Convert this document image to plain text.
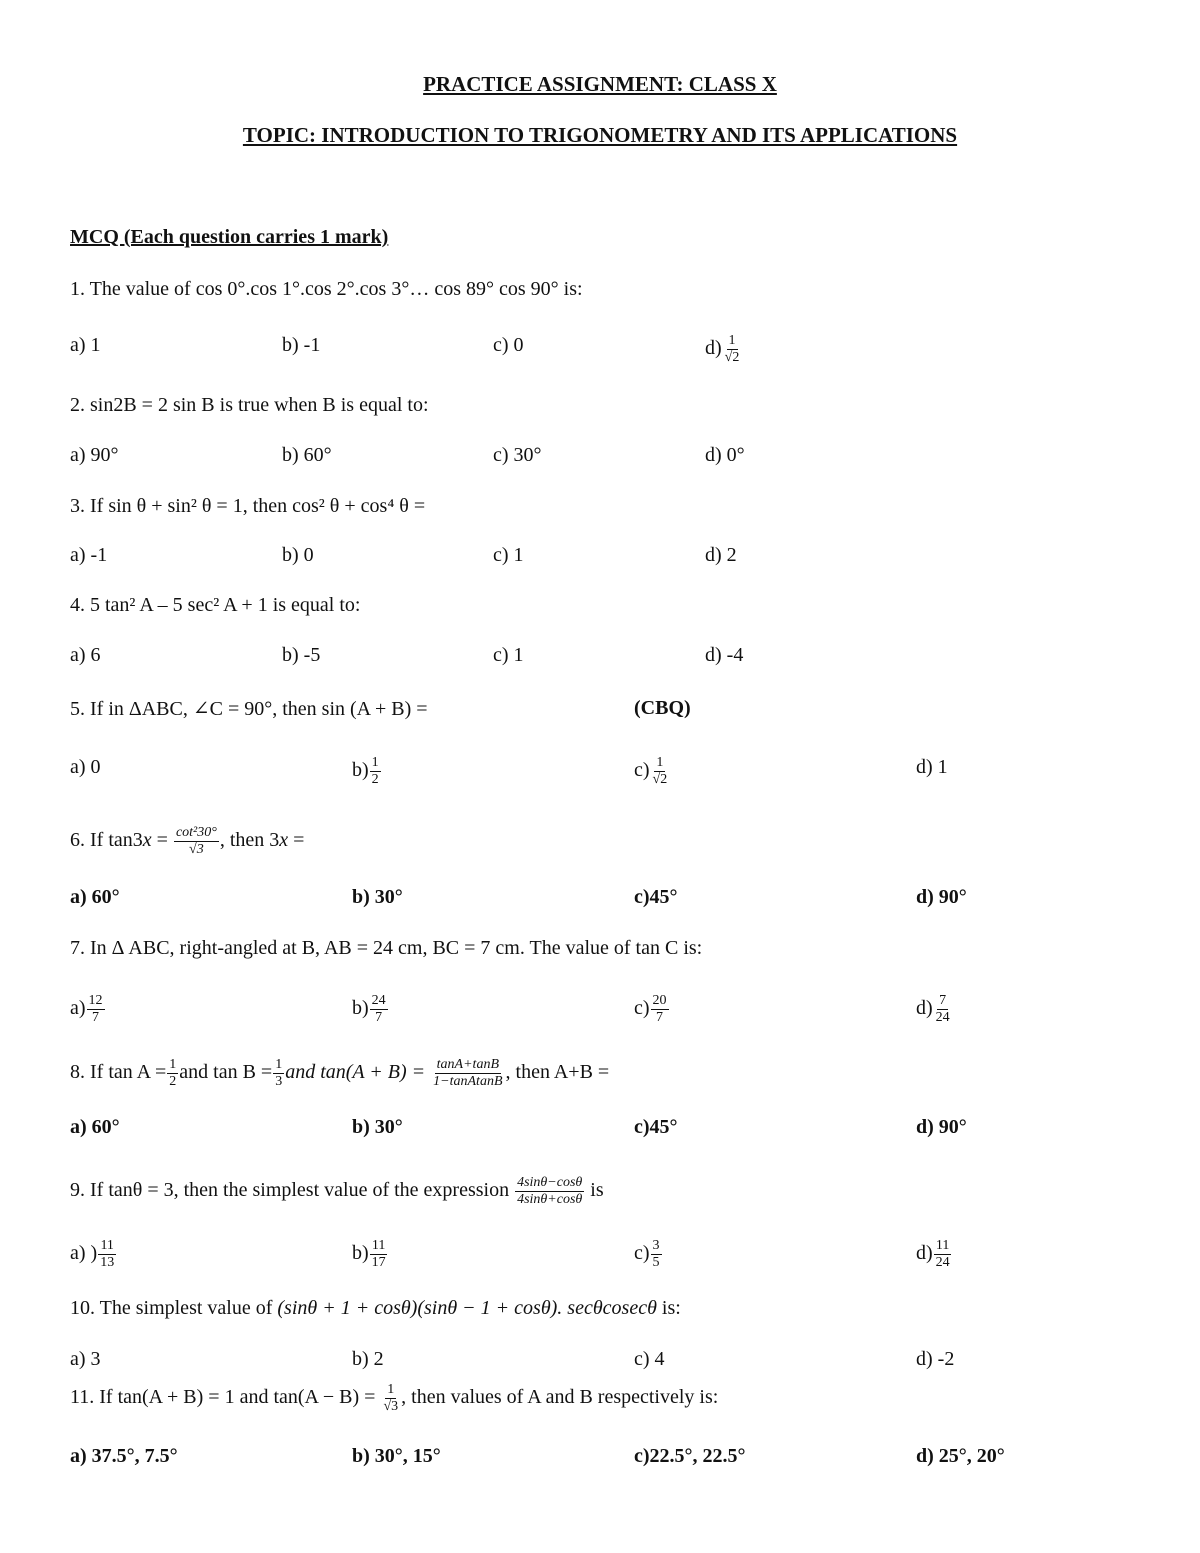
PRACTICE ASSIGNMENT: CLASS X
TOPIC: INTRODUCTION TO TRIGONOMETRY AND ITS APPLICATIONS
MCQ (Each question carries 1 mark)
1. The value of cos 0°.cos 1°.cos 2°.cos 3°… cos 89° cos 90° is:
a) 1	b) -1	c) 0	$d) \frac{1}{√2}$
2. sin2B = 2 sin B is true when B is equal to:
a) 90°	b) 60°	c) 30°	d) 0°
3. If sin θ + sin² θ = 1, then cos² θ + cos⁴ θ =
a) -1	b) 0	c) 1	d) 2
4. 5 tan² A – 5 sec² A + 1 is equal to:
a) 6	b) -5	c) 1	d) -4
5. If in ΔABC, ∠C = 90°, then sin (A + B) =	(CBQ)
a) 0	$b) \frac{1}{2}$	$c) \frac{1}{√2}$	d) 1
6. If $\tan 3x = \frac{\text{cot²30°}}{√3}$ , then 3x =
a) 60°	b) 30°	c)45°	d) 90°
7. In Δ ABC, right-angled at B, AB = 24 cm, BC = 7 cm. The value of tan C is:
$a) \frac{12}{7}$	$b) \frac{24}{7}$	$c) \frac{20}{7}$	$d) \frac{7}{24}$
8. If $\tan A = \frac{1}{2}$ and $\tan B = \frac{1}{3}$ and $\tan(A + B) = \frac{\tan A+\tan B}{\text{1−tanAtanB}}$ , then A+B =
a) 60°	b) 30°	c)45°	d) 90°
9. If tanθ = 3, then the simplest value of the expression $\frac{4\sin\theta-\cos\theta}{4\sin\theta+\cos\theta}$ is
a) ) $\frac{11}{13}$	$b) \frac{11}{17}$	$c) \frac{3}{5}$	$d) \frac{11}{24}$
10. The simplest value of (sinθ + 1 + cosθ)(sinθ − 1 + cosθ). secθcosecθ is:
a) 3	b) 2	c) 4	d) -2
11. If tan(A + B) = 1 and $\tan(A - B) = \frac{1}{√3}$ , then values of A and B respectively is:
a) 37.5°, 7.5°	b) 30°, 15°	c)22.5°, 22.5°	d) 25°, 20°
